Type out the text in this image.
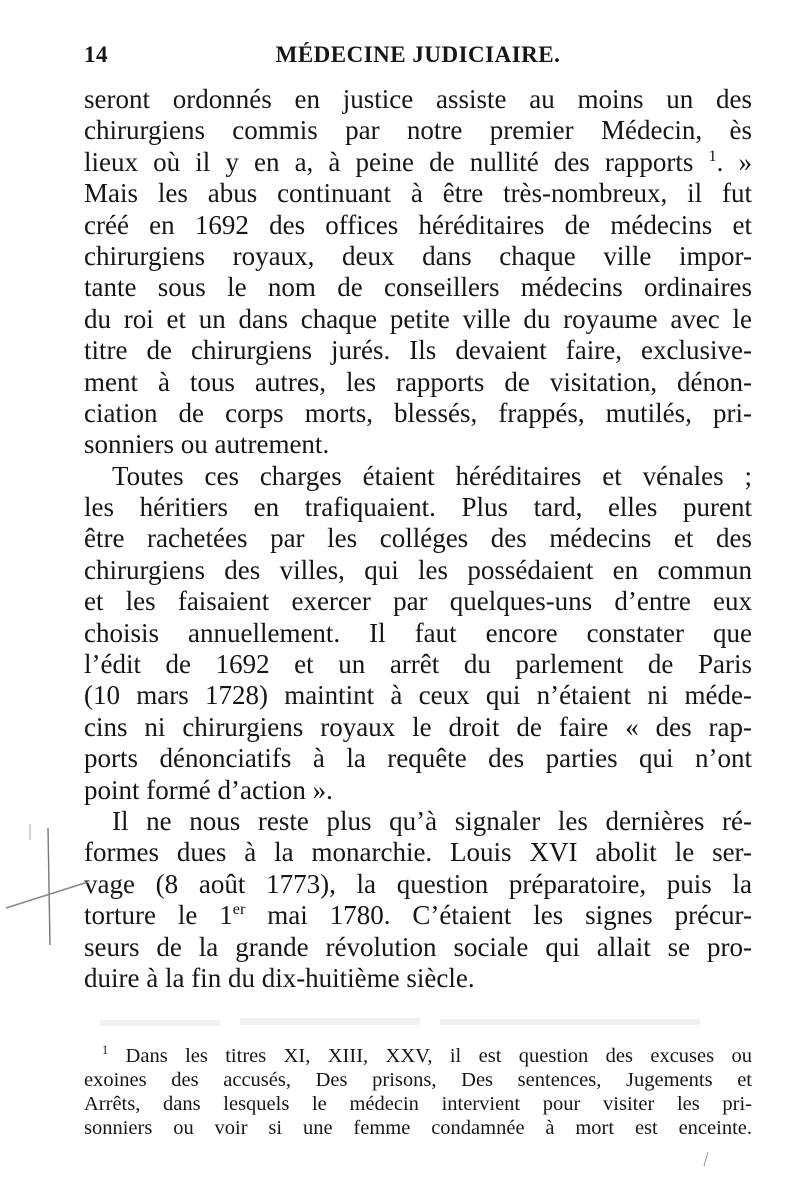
14	MÉDECINE JUDICIAIRE.
seront ordonnés en justice assiste au moins un des
chirurgiens commis par notre premier Médecin, ès
lieux où il y en a, à peine de nullité des rapports $^1$. »
Mais les abus continuant à être très-nombreux, il fut
créé en 1692 des offices héréditaires de médecins et
chirurgiens royaux, deux dans chaque ville impor-
tante sous le nom de conseillers médecins ordinaires
du roi et un dans chaque petite ville du royaume avec le
titre de chirurgiens jurés. Ils devaient faire, exclusive-
ment à tous autres, les rapports de visitation, dénon-
ciation de corps morts, blessés, frappés, mutilés, pri-
sonniers ou autrement.
Toutes ces charges étaient héréditaires et vénales ;
les héritiers en trafiquaient. Plus tard, elles purent
être rachetées par les colléges des médecins et des
chirurgiens des villes, qui les possédaient en commun
et les faisaient exercer par quelques-uns d’entre eux
choisis annuellement. Il faut encore constater que
l’édit de 1692 et un arrêt du parlement de Paris
(10 mars 1728) maintint à ceux qui n’étaient ni méde-
cins ni chirurgiens royaux le droit de faire « des rap-
ports dénonciatifs à la requête des parties qui n’ont
point formé d’action ».
Il ne nous reste plus qu’à signaler les dernières ré-
formes dues à la monarchie. Louis XVI abolit le ser-
vage (8 août 1773), la question préparatoire, puis la
torture le 1er mai 1780. C’étaient les signes précur-
seurs de la grande révolution sociale qui allait se pro-
duire à la fin du dix-huitième siècle.
$^1$ Dans les titres XI, XIII, XXV, il est question des excuses ou
exoines des accusés, Des prisons, Des sentences, Jugements et
Arrêts, dans lesquels le médecin intervient pour visiter les pri-
sonniers ou voir si une femme condamnée à mort est enceinte.
